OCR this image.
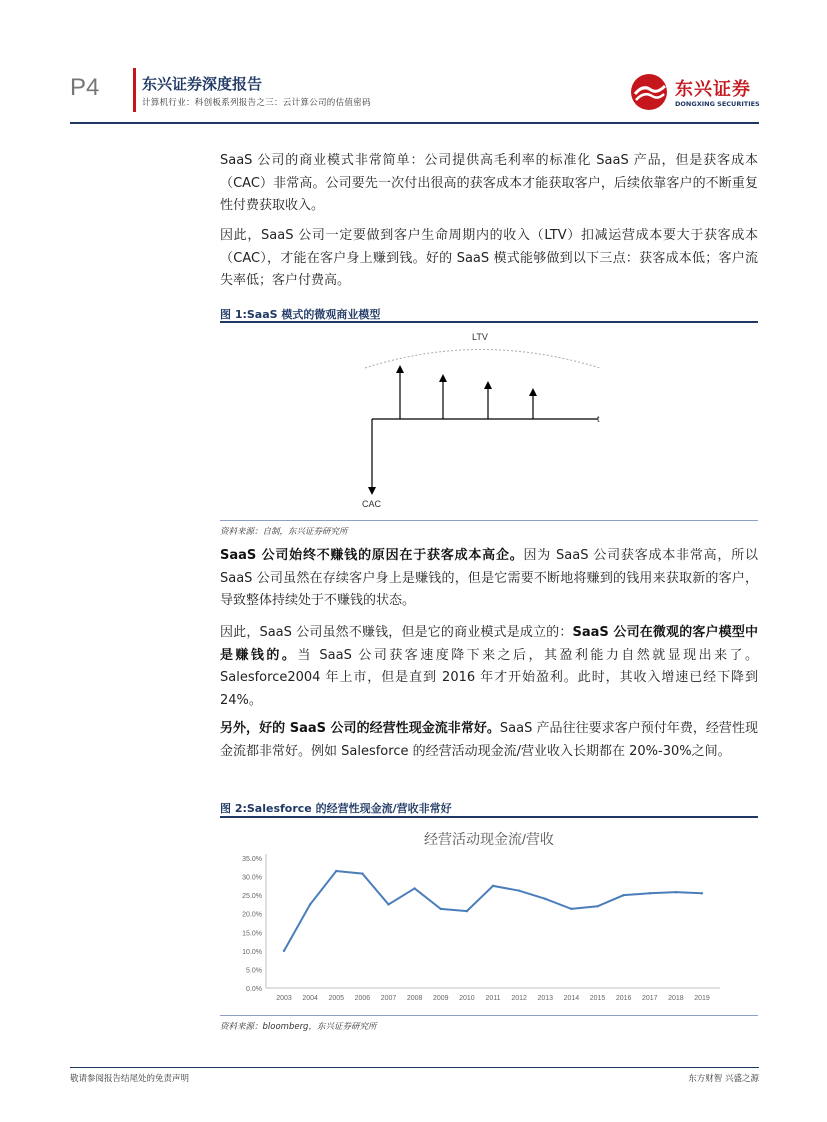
P4	东兴证券深度报告
计算机行业：科创板系列报告之三：云计算公司的估值密码
东兴证券
DONGXING SECURITIES
SaaS 公司的商业模式非常简单：公司提供高毛利率的标准化 SaaS 产品，但是获客成本（CAC）非常高。公司要先一次付出很高的获客成本才能获取客户，后续依靠客户的不断重复性付费获取收入。
因此，SaaS 公司一定要做到客户生命周期内的收入（LTV）扣减运营成本要大于获客成本（CAC），才能在客户身上赚到钱。好的 SaaS 模式能够做到以下三点：获客成本低；客户流失率低；客户付费高。
图 1:SaaS 模式的微观商业模型
LTV
t
CAC
资料来源：自制，东兴证券研究所
SaaS 公司始终不赚钱的原因在于获客成本高企。因为 SaaS 公司获客成本非常高，所以 SaaS 公司虽然在存续客户身上是赚钱的，但是它需要不断地将赚到的钱用来获取新的客户，导致整体持续处于不赚钱的状态。
因此，SaaS 公司虽然不赚钱，但是它的商业模式是成立的：SaaS 公司在微观的客户模型中是赚钱的。当 SaaS 公司获客速度降下来之后，其盈利能力自然就显现出来了。Salesforce2004 年上市，但是直到 2016 年才开始盈利。此时，其收入增速已经下降到 24%。
另外，好的 SaaS 公司的经营性现金流非常好。SaaS 产品往往要求客户预付年费，经营性现金流都非常好。例如 Salesforce 的经营活动现金流/营业收入长期都在 20%-30%之间。
图 2:Salesforce 的经营性现金流/营收非常好
经营活动现金流/营收
0.0%
5.0%
10.0%
15.0%
20.0%
25.0%
30.0%
35.0%
2003 2004 2005 2006 2007 2008 2009 2010 2011 2012 2013 2014 2015 2016 2017 2018 2019
资料来源：bloomberg，东兴证券研究所
敬请参阅报告结尾处的免责声明	东方财智 兴盛之源
